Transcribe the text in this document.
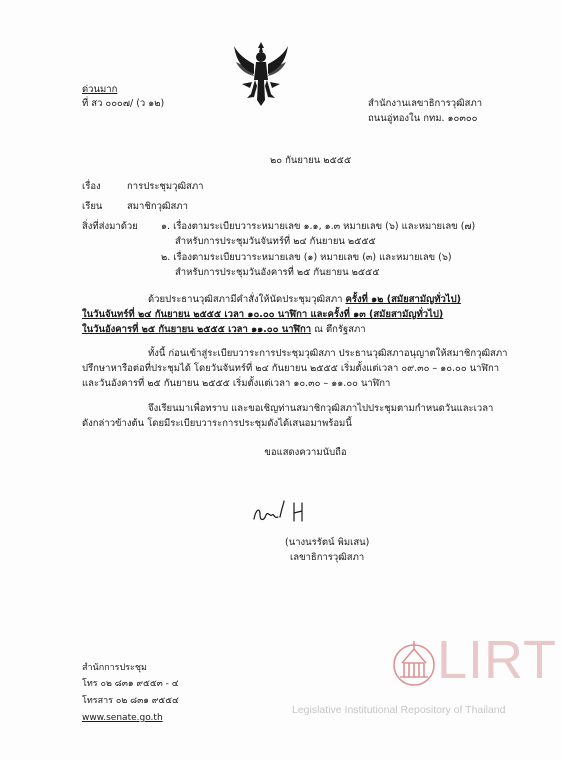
ด่วนมาก
ที่ สว ๐๐๐๗/ (ว ๑๒)	สำนักงานเลขาธิการวุฒิสภา
ถนนอู่ทองใน กทม. ๑๐๓๐๐
๒๐ กันยายน ๒๕๕๕
เรื่อง	การประชุมวุฒิสภา
เรียน	สมาชิกวุฒิสภา
สิ่งที่ส่งมาด้วย ๑. เรื่องตามระเบียบวาระหมายเลข ๑.๑, ๑.๓ หมายเลข (๖) และหมายเลข (๗)
สำหรับการประชุมวันจันทร์ที่ ๒๔ กันยายน ๒๕๕๕
๒. เรื่องตามระเบียบวาระหมายเลข (๑) หมายเลข (๓) และหมายเลข (๖)
สำหรับการประชุมวันอังคารที่ ๒๕ กันยายน ๒๕๕๕
ด้วยประธานวุฒิสภามีคำสั่งให้นัดประชุมวุฒิสภา ครั้งที่ ๑๒ (สมัยสามัญทั่วไป)
ในวันจันทร์ที่ ๒๔ กันยายน ๒๕๕๕ เวลา ๑๐.๐๐ นาฬิกา และครั้งที่ ๑๓ (สมัยสามัญทั่วไป)
ในวันอังคารที่ ๒๕ กันยายน ๒๕๕๕ เวลา ๑๑.๐๐ นาฬิกา ณ ตึกรัฐสภา
ทั้งนี้ ก่อนเข้าสู่ระเบียบวาระการประชุมวุฒิสภา ประธานวุฒิสภาอนุญาตให้สมาชิกวุฒิสภา
ปรึกษาหารือต่อที่ประชุมได้ โดยวันจันทร์ที่ ๒๔ กันยายน ๒๕๕๕ เริ่มตั้งแต่เวลา ๐๙.๓๐ – ๑๐.๐๐ นาฬิกา
และวันอังคารที่ ๒๕ กันยายน ๒๕๕๕ เริ่มตั้งแต่เวลา ๑๐.๓๐ – ๑๑.๐๐ นาฬิกา
จึงเรียนมาเพื่อทราบ และขอเชิญท่านสมาชิกวุฒิสภาไปประชุมตามกำหนดวันและเวลา
ดังกล่าวข้างต้น โดยมีระเบียบวาระการประชุมดังได้เสนอมาพร้อมนี้
ขอแสดงความนับถือ
(นางนรรัตน์ พิมเสน)
เลขาธิการวุฒิสภา
สำนักการประชุม
โทร ๐๒ ๘๓๑ ๙๕๕๓ - ๔
โทรสาร ๐๒ ๘๓๑ ๙๕๕๔
www.senate.go.th
LIRT
Legislative Institutional Repository of Thailand
